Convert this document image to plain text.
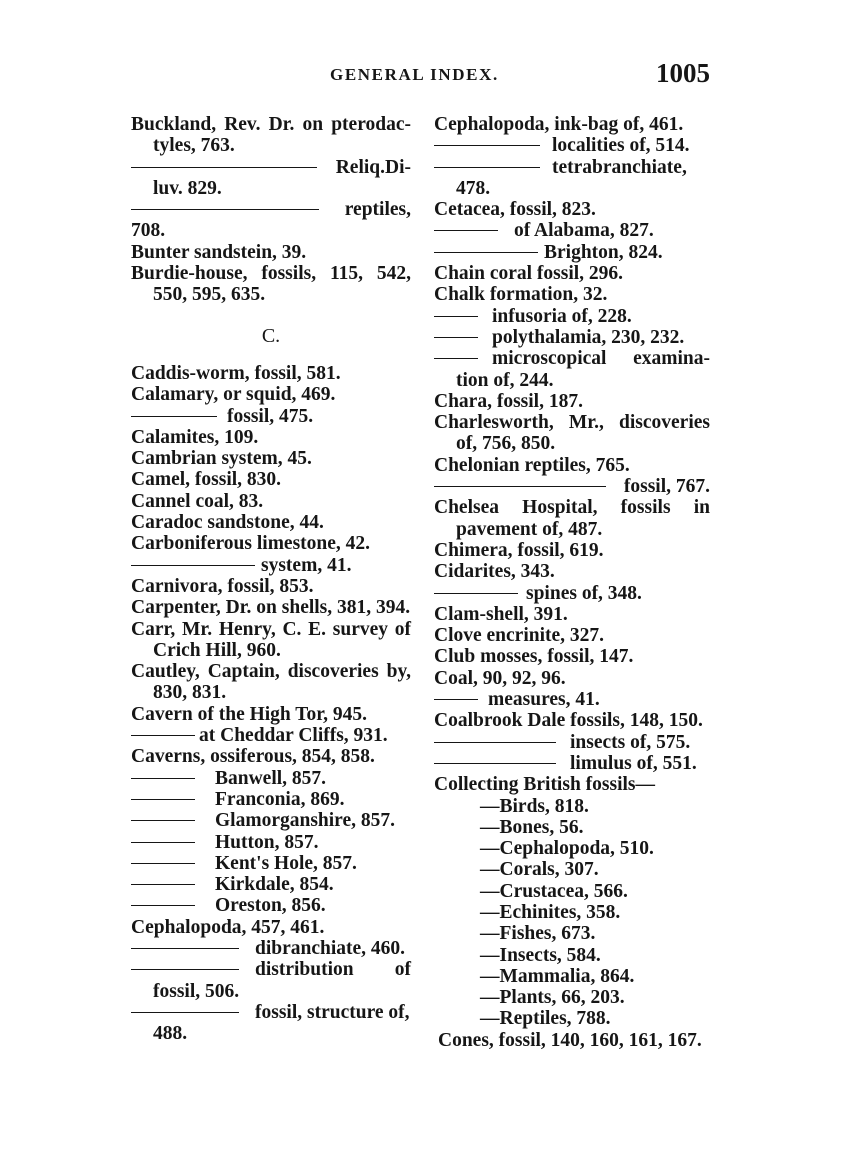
GENERAL INDEX.	1005
Buckland, Rev. Dr. on pterodac-tyles, 763.
Reliq.Di-
luv. 829.
reptiles,
708.
Bunter sandstein, 39.
Burdie-house, fossils, 115, 542, 550, 595, 635.
C.
Caddis-worm, fossil, 581.
Calamary, or squid, 469.
fossil, 475.
Calamites, 109.
Cambrian system, 45.
Camel, fossil, 830.
Cannel coal, 83.
Caradoc sandstone, 44.
Carboniferous limestone, 42.
system, 41.
Carnivora, fossil, 853.
Carpenter, Dr. on shells, 381, 394.
Carr, Mr. Henry, C. E. survey of Crich Hill, 960.
Cautley, Captain, discoveries by, 830, 831.
Cavern of the High Tor, 945.
at Cheddar Cliffs, 931.
Caverns, ossiferous, 854, 858.
Banwell, 857.
Franconia, 869.
Glamorganshire, 857.
Hutton, 857.
Kent's Hole, 857.
Kirkdale, 854.
Oreston, 856.
Cephalopoda, 457, 461.
dibranchiate, 460.
distribution of
fossil, 506.
fossil, structure of,
488.
Cephalopoda, ink-bag of, 461.
localities of, 514.
tetrabranchiate,
478.
Cetacea, fossil, 823.
of Alabama, 827.
Brighton, 824.
Chain coral fossil, 296.
Chalk formation, 32.
infusoria of, 228.
polythalamia, 230, 232.
microscopical examina-
tion of, 244.
Chara, fossil, 187.
Charlesworth, Mr., discoveries of, 756, 850.
Chelonian reptiles, 765.
fossil, 767.
Chelsea Hospital, fossils in pavement of, 487.
Chimera, fossil, 619.
Cidarites, 343.
spines of, 348.
Clam-shell, 391.
Clove encrinite, 327.
Club mosses, fossil, 147.
Coal, 90, 92, 96.
measures, 41.
Coalbrook Dale fossils, 148, 150.
insects of, 575.
limulus of, 551.
Collecting British fossils—
—Birds, 818.
—Bones, 56.
—Cephalopoda, 510.
—Corals, 307.
—Crustacea, 566.
—Echinites, 358.
—Fishes, 673.
—Insects, 584.
—Mammalia, 864.
—Plants, 66, 203.
—Reptiles, 788.
Cones, fossil, 140, 160, 161, 167.
